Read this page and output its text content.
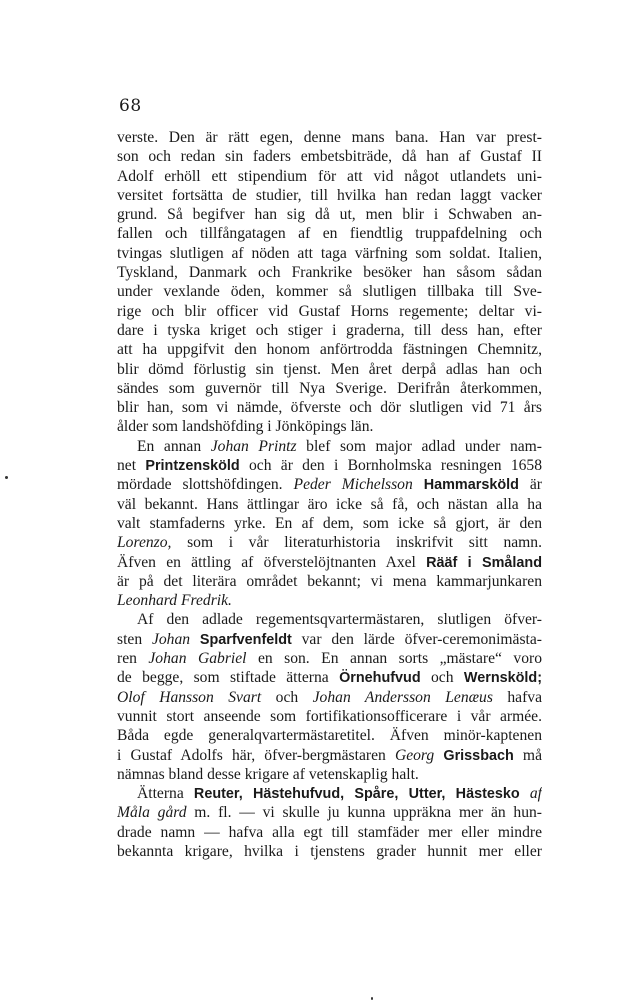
68
verste. Den är rätt egen, denne mans bana. Han var prest-
son och redan sin faders embetsbiträde, då han af Gustaf II
Adolf erhöll ett stipendium för att vid något utlandets uni-
versitet fortsätta de studier, till hvilka han redan laggt vacker
grund. Så begifver han sig då ut, men blir i Schwaben an-
fallen och tillfångatagen af en fiendtlig truppafdelning och
tvingas slutligen af nöden att taga värfning som soldat. Italien,
Tyskland, Danmark och Frankrike besöker han såsom sådan
under vexlande öden, kommer så slutligen tillbaka till Sve-
rige och blir officer vid Gustaf Horns regemente; deltar vi-
dare i tyska kriget och stiger i graderna, till dess han, efter
att ha uppgifvit den honom anförtrodda fästningen Chemnitz,
blir dömd förlustig sin tjenst. Men året derpå adlas han och
sändes som guvernör till Nya Sverige. Derifrån återkommen,
blir han, som vi nämde, öfverste och dör slutligen vid 71 års
ålder som landshöfding i Jönköpings län.
En annan Johan Printz blef som major adlad under nam-
net Printzensköld och är den i Bornholmska resningen 1658
mördade slottshöfdingen. Peder Michelsson Hammarsköld är
väl bekannt. Hans ättlingar äro icke så få, och nästan alla ha
valt stamfaderns yrke. En af dem, som icke så gjort, är den
Lorenzo, som i vår literaturhistoria inskrifvit sitt namn.
Äfven en ättling af öfverstelöjtnanten Axel Rääf i Småland
är på det literära området bekannt; vi mena kammarjunkaren
Leonhard Fredrik.
Af den adlade regementsqvartermästaren, slutligen öfver-
sten Johan Sparfvenfeldt var den lärde öfver-ceremonimästa-
ren Johan Gabriel en son. En annan sorts „mästare“ voro
de begge, som stiftade ätterna Örnehufvud och Wernsköld;
Olof Hansson Svart och Johan Andersson Lenæus hafva
vunnit stort anseende som fortifikationsofficerare i vår armée.
Båda egde generalqvartermästaretitel. Äfven minör-kaptenen
i Gustaf Adolfs här, öfver-bergmästaren Georg Grissbach må
nämnas bland desse krigare af vetenskaplig halt.
Ätterna Reuter, Hästehufvud, Spåre, Utter, Hästesko af
Måla gård m. fl. — vi skulle ju kunna uppräkna mer än hun-
drade namn — hafva alla egt till stamfäder mer eller mindre
bekannta krigare, hvilka i tjenstens grader hunnit mer eller
